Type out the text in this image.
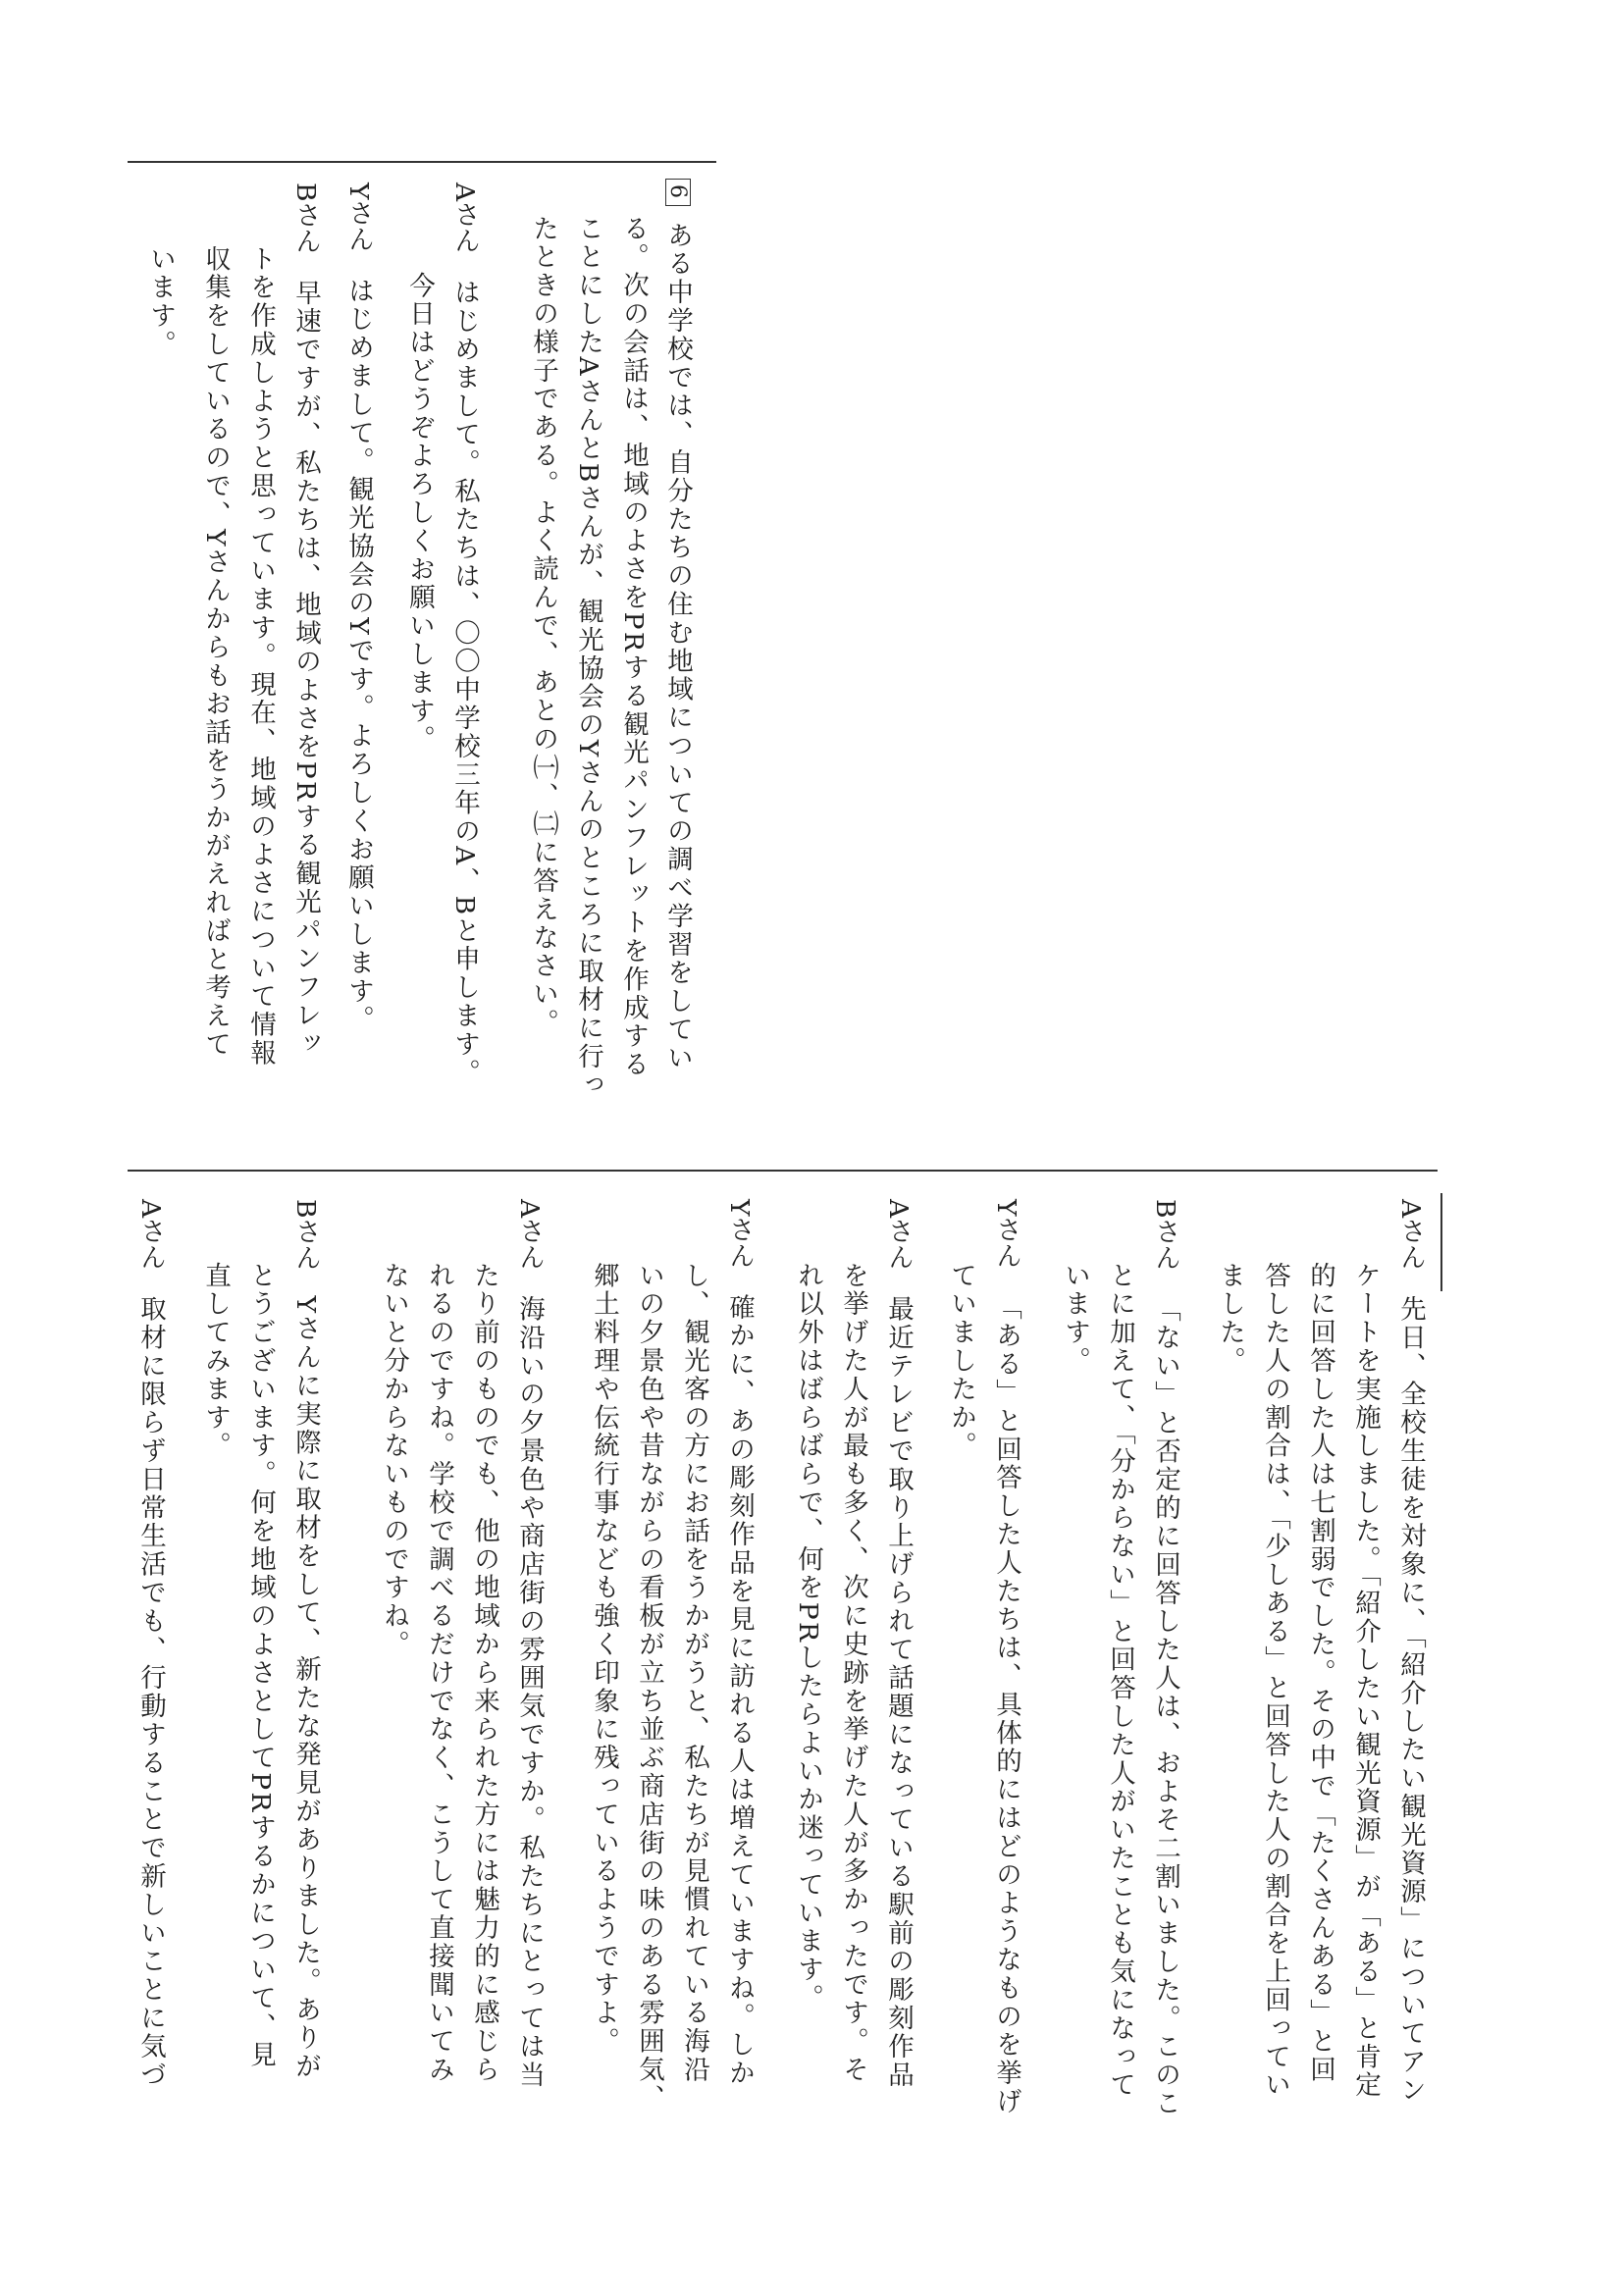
6ある中学校では、自分たちの住む地域についての調べ学習をしてい
る。次の会話は、地域のよさをPRする観光パンフレットを作成する
ことにしたAさんとBさんが、観光協会のYさんのところに取材に行っ
たときの様子である。よく読んで、あとの㈠、㈡に答えなさい。
Aさんはじめまして。私たちは、〇〇中学校三年のA、Bと申します。
今日はどうぞよろしくお願いします。
Yさんはじめまして。観光協会のYです。よろしくお願いします。
Bさん早速ですが、私たちは、地域のよさをPRする観光パンフレッ
トを作成しようと思っています。現在、地域のよさについて情報
収集をしているので、Yさんからもお話をうかがえればと考えて
います。
Aさん先日、全校生徒を対象に、「紹介したい観光資源」についてアン
ケートを実施しました。「紹介したい観光資源」が「ある」と肯定
的に回答した人は七割弱でした。その中で「たくさんある」と回
答した人の割合は、「少しある」と回答した人の割合を上回ってい
ました。
Bさん「ない」と否定的に回答した人は、およそ二割いました。このこ
とに加えて、「分からない」と回答した人がいたことも気になって
います。
Yさん「ある」と回答した人たちは、具体的にはどのようなものを挙げ
ていましたか。
Aさん最近テレビで取り上げられて話題になっている駅前の彫刻作品
を挙げた人が最も多く、次に史跡を挙げた人が多かったです。そ
れ以外はばらばらで、何をPRしたらよいか迷っています。
Yさん確かに、あの彫刻作品を見に訪れる人は増えていますね。しか
し、観光客の方にお話をうかがうと、私たちが見慣れている海沿
いの夕景色や昔ながらの看板が立ち並ぶ商店街の味のある雰囲気、
郷土料理や伝統行事なども強く印象に残っているようですよ。
Aさん海沿いの夕景色や商店街の雰囲気ですか。私たちにとっては当
たり前のものでも、他の地域から来られた方には魅力的に感じら
れるのですね。学校で調べるだけでなく、こうして直接聞いてみ
ないと分からないものですね。
BさんYさんに実際に取材をして、新たな発見がありました。ありが
とうございます。何を地域のよさとしてPRするかについて、見
直してみます。
Aさん取材に限らず日常生活でも、行動することで新しいことに気づ
